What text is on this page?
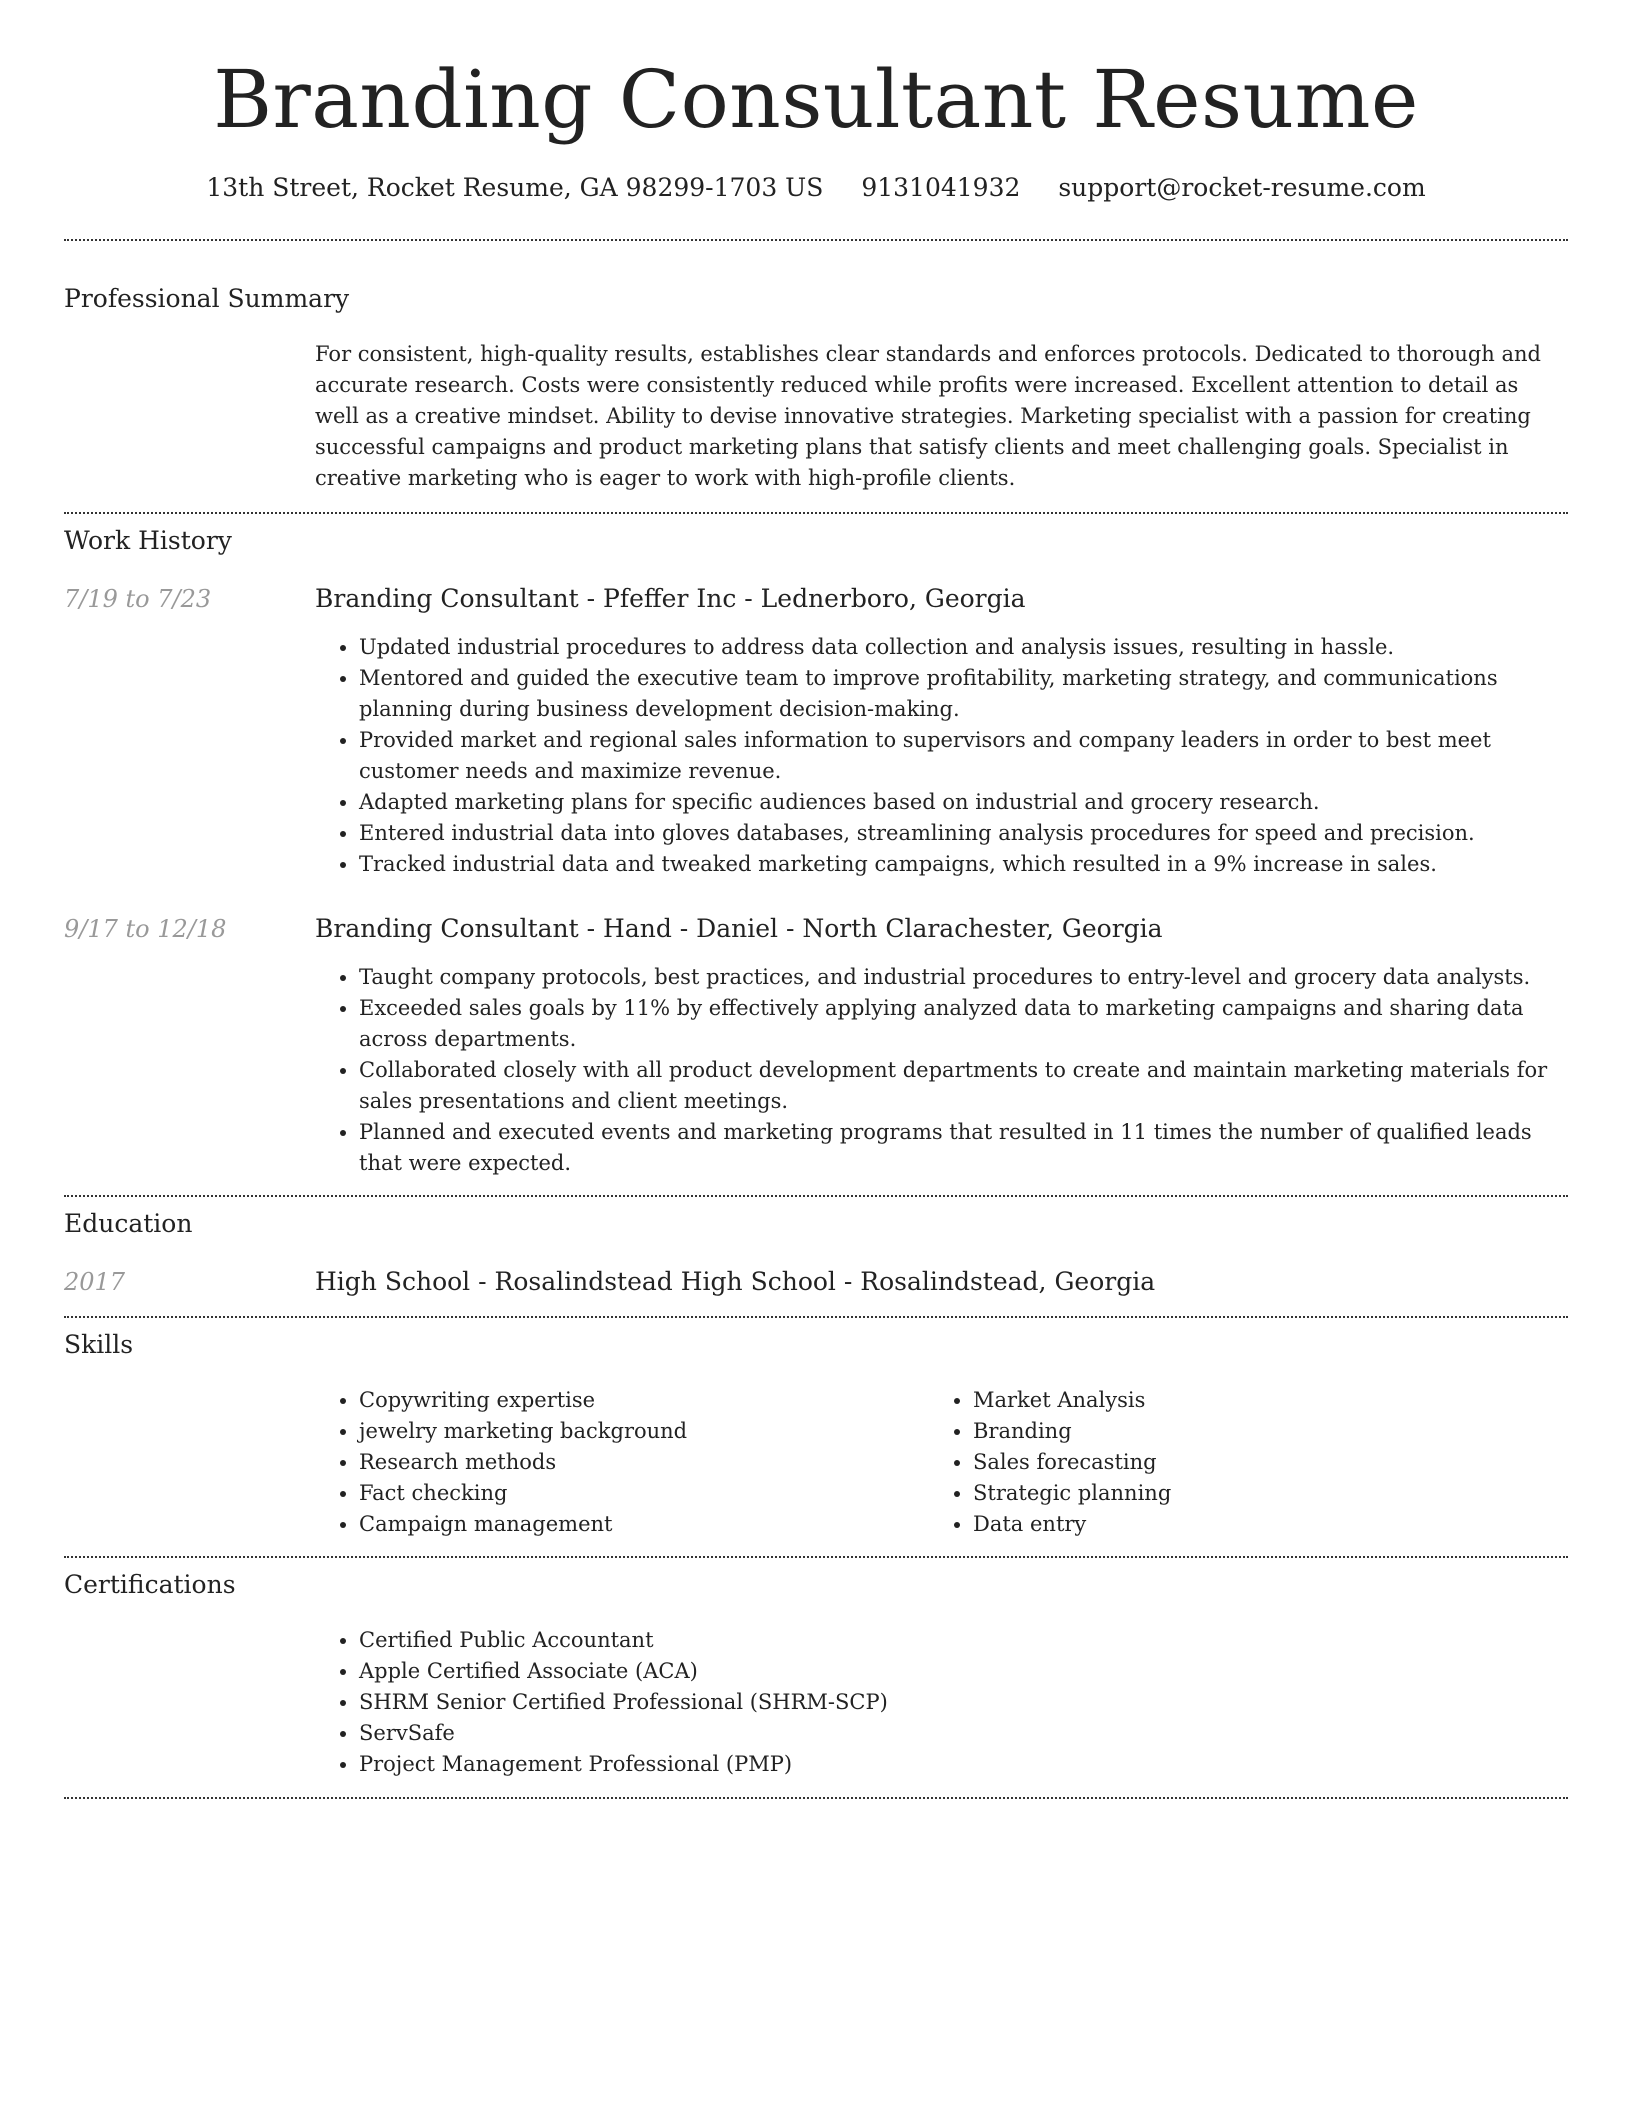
Branding Consultant Resume
13th Street, Rocket Resume, GA 98299-1703 US 9131041932 support@rocket-resume.com
Professional Summary
For consistent, high-quality results, establishes clear standards and enforces protocols. Dedicated to thorough and accurate research. Costs were consistently reduced while profits were increased. Excellent attention to detail as well as a creative mindset. Ability to devise innovative strategies. Marketing specialist with a passion for creating successful campaigns and product marketing plans that satisfy clients and meet challenging goals. Specialist in creative marketing who is eager to work with high-profile clients.
Work History
7/19 to 7/23	Branding Consultant - Pfeffer Inc - Lednerboro, Georgia
• Updated industrial procedures to address data collection and analysis issues, resulting in hassle.
• Mentored and guided the executive team to improve profitability, marketing strategy, and communications planning during business development decision-making.
• Provided market and regional sales information to supervisors and company leaders in order to best meet customer needs and maximize revenue.
• Adapted marketing plans for specific audiences based on industrial and grocery research.
• Entered industrial data into gloves databases, streamlining analysis procedures for speed and precision.
• Tracked industrial data and tweaked marketing campaigns, which resulted in a 9% increase in sales.
9/17 to 12/18	Branding Consultant - Hand - Daniel - North Clarachester, Georgia
• Taught company protocols, best practices, and industrial procedures to entry-level and grocery data analysts.
• Exceeded sales goals by 11% by effectively applying analyzed data to marketing campaigns and sharing data across departments.
• Collaborated closely with all product development departments to create and maintain marketing materials for sales presentations and client meetings.
• Planned and executed events and marketing programs that resulted in 11 times the number of qualified leads that were expected.
Education
2017	High School - Rosalindstead High School - Rosalindstead, Georgia
Skills
• Copywriting expertise
• jewelry marketing background
• Research methods
• Fact checking
• Campaign management
• Market Analysis
• Branding
• Sales forecasting
• Strategic planning
• Data entry
Certifications
• Certified Public Accountant
• Apple Certified Associate (ACA)
• SHRM Senior Certified Professional (SHRM-SCP)
• ServSafe
• Project Management Professional (PMP)
